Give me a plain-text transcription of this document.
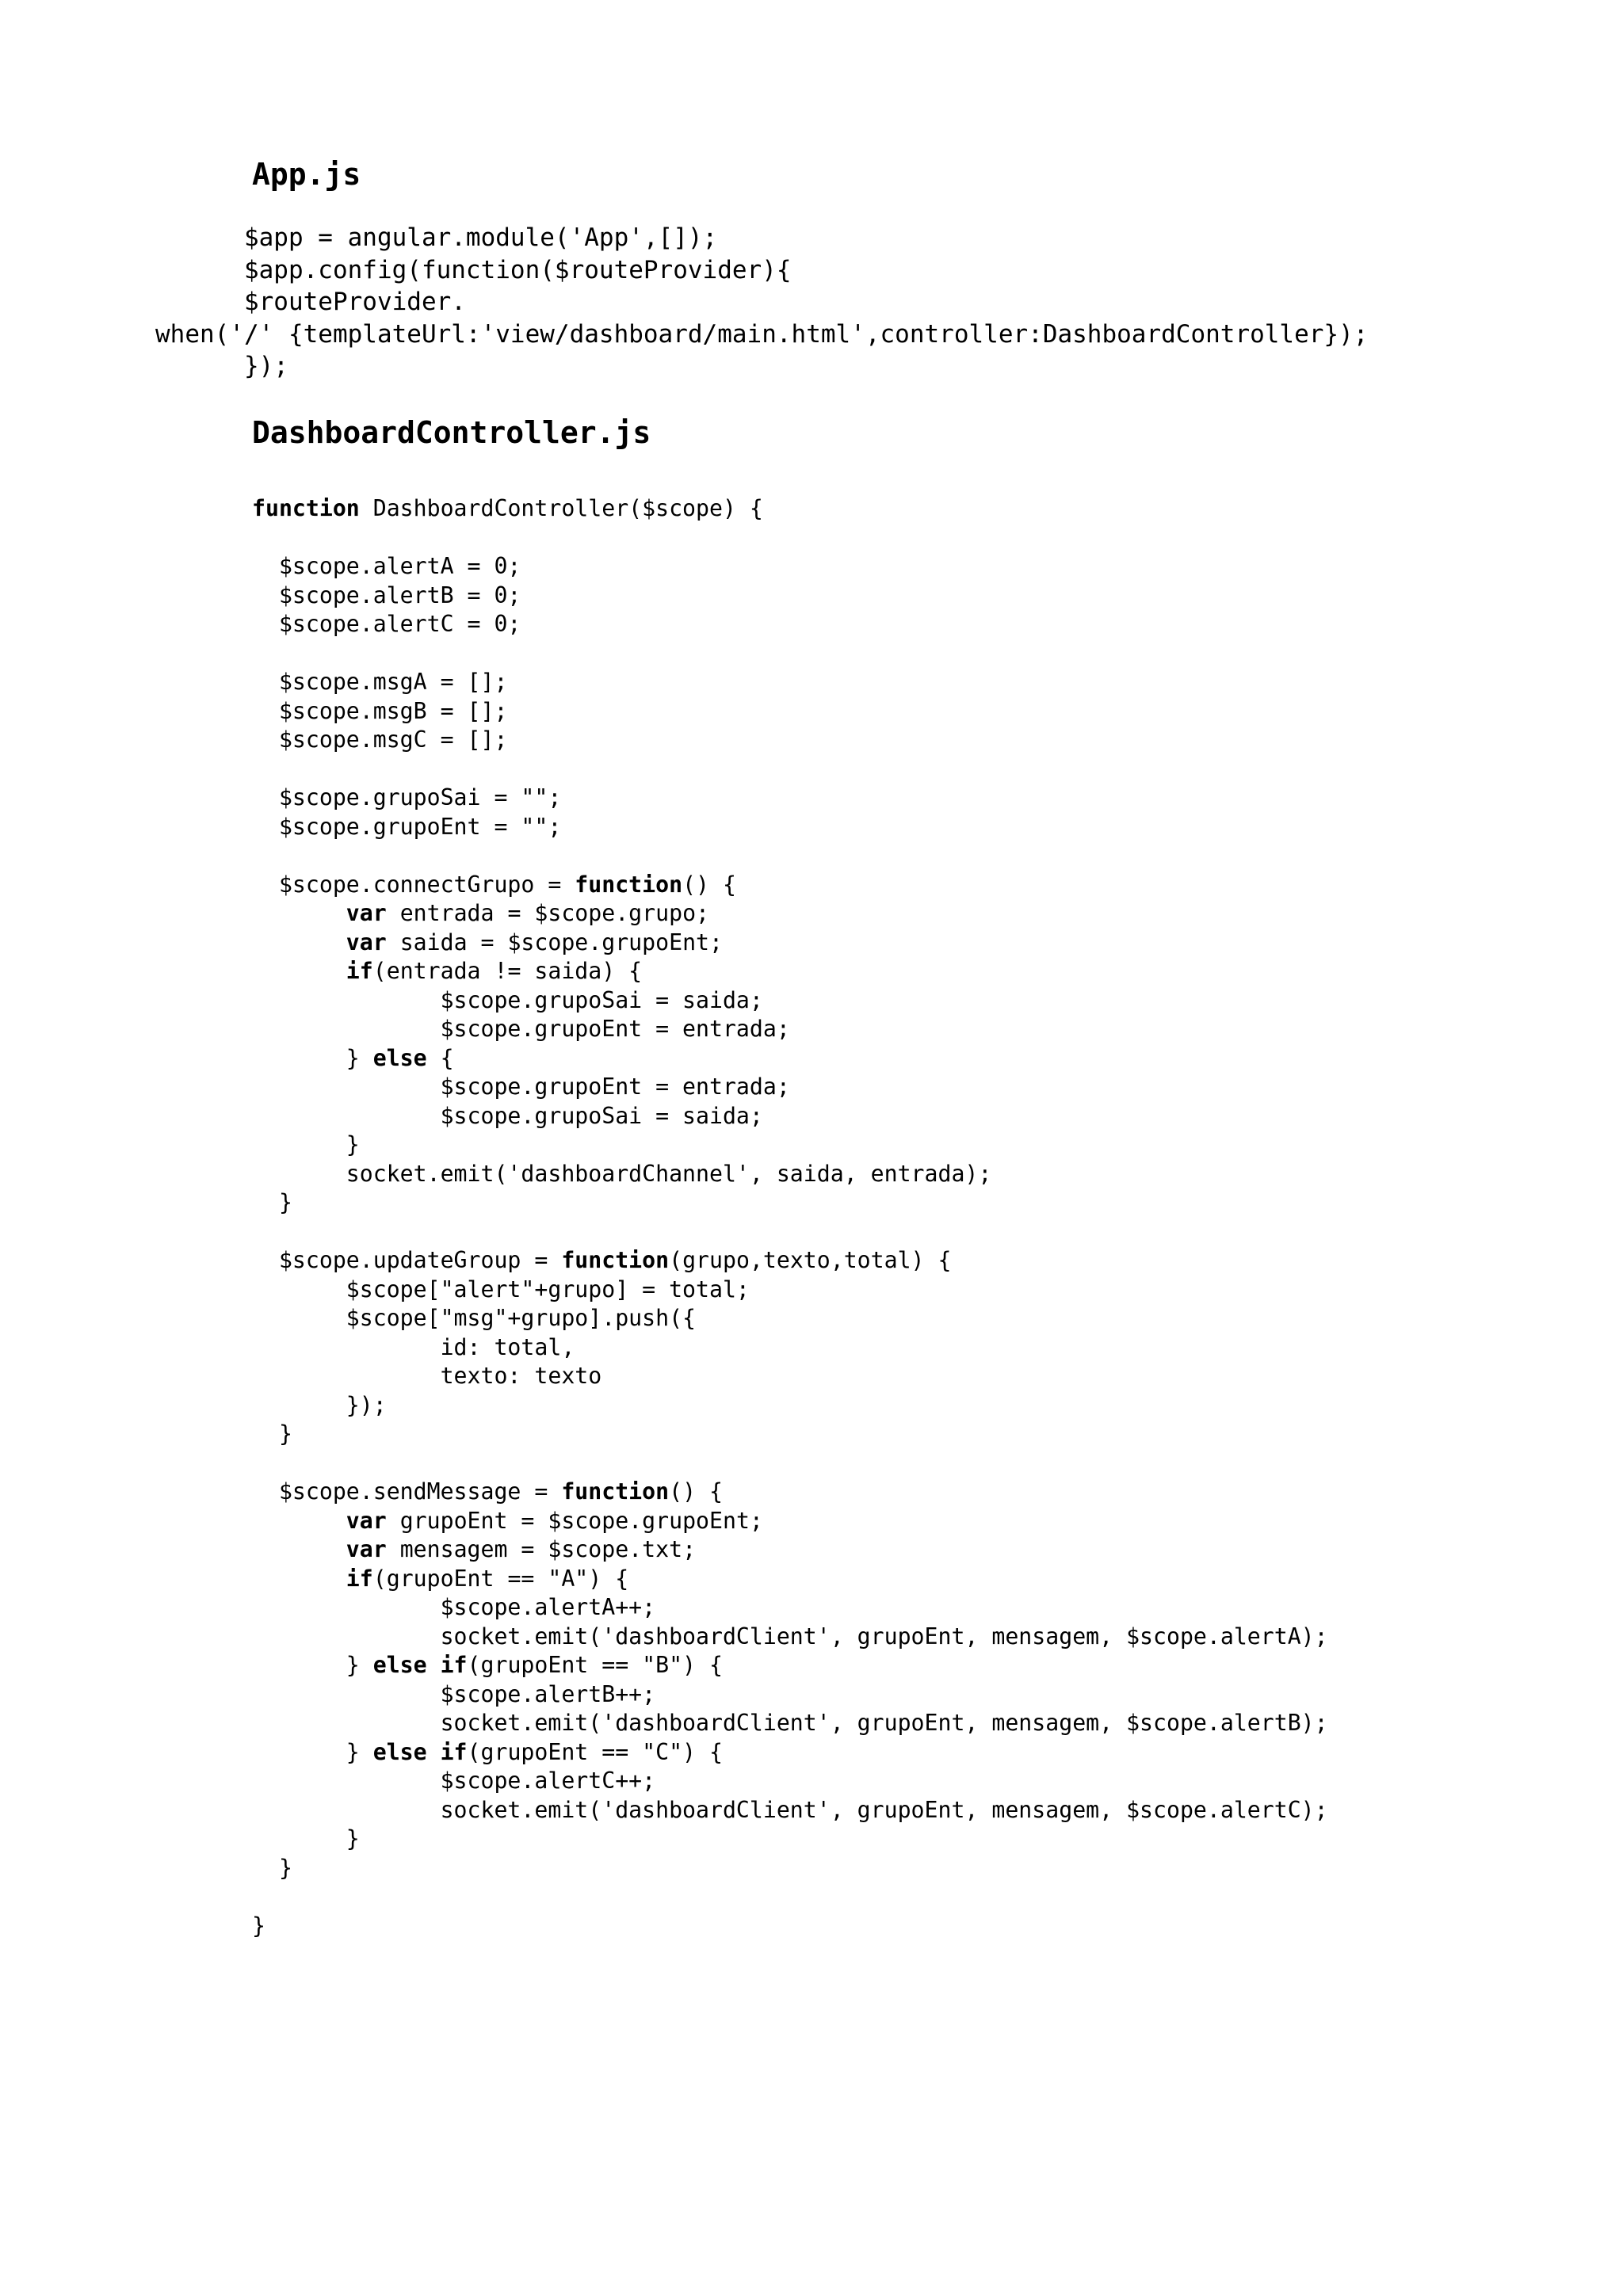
App.js
$app = angular.module('App',[]);
$app.config(function($routeProvider){
$routeProvider.
when('/' {templateUrl:'view/dashboard/main.html',controller:DashboardController});
});
DashboardController.js
function DashboardController($scope) {
$scope.alertA = 0;
$scope.alertB = 0;
$scope.alertC = 0;
$scope.msgA = [];
$scope.msgB = [];
$scope.msgC = [];
$scope.grupoSai = "";
$scope.grupoEnt = "";
$scope.connectGrupo = function() {
var entrada = $scope.grupo;
var saida = $scope.grupoEnt;
if(entrada != saida) {
$scope.grupoSai = saida;
$scope.grupoEnt = entrada;
} else {
$scope.grupoEnt = entrada;
$scope.grupoSai = saida;
}
socket.emit('dashboardChannel', saida, entrada);
}
$scope.updateGroup = function(grupo,texto,total) {
$scope["alert"+grupo] = total;
$scope["msg"+grupo].push({
id: total,
texto: texto
});
}
$scope.sendMessage = function() {
var grupoEnt = $scope.grupoEnt;
var mensagem = $scope.txt;
if(grupoEnt == "A") {
$scope.alertA++;
socket.emit('dashboardClient', grupoEnt, mensagem, $scope.alertA);
} else if(grupoEnt == "B") {
$scope.alertB++;
socket.emit('dashboardClient', grupoEnt, mensagem, $scope.alertB);
} else if(grupoEnt == "C") {
$scope.alertC++;
socket.emit('dashboardClient', grupoEnt, mensagem, $scope.alertC);
}
}
}
